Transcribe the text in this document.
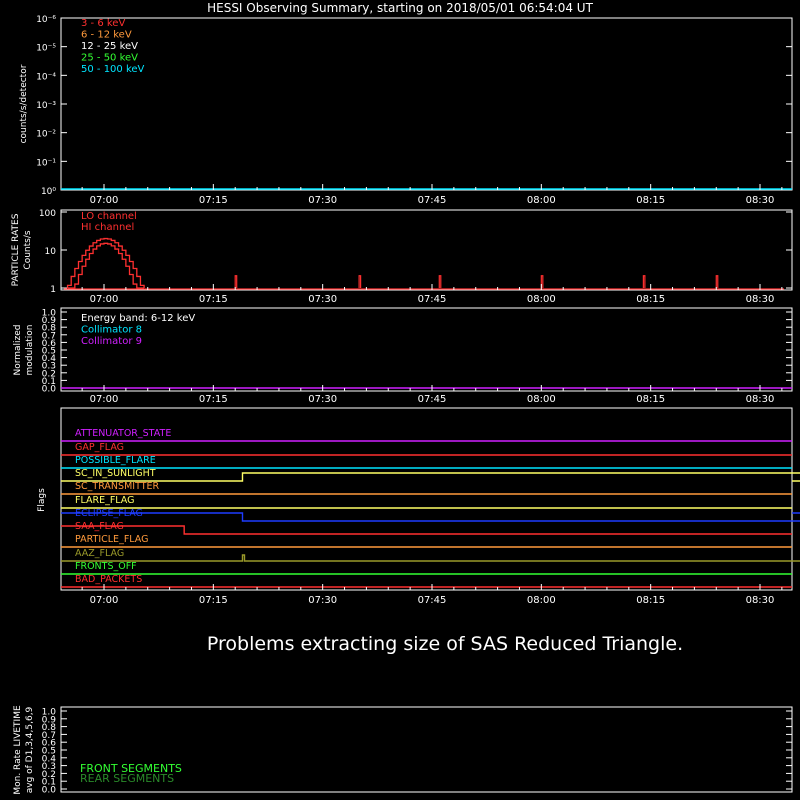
HESSI Observing Summary, starting on 2018/05/01 06:54:04 UT
10⁰
10⁻¹
10⁻²
10⁻³
10⁻⁴
10⁻⁵
10⁻⁶
counts/s/detector
3 - 6 keV
6 - 12 keV
12 - 25 keV
25 - 50 keV
50 - 100 keV
07:00	07:15	07:30	07:45	08:00	08:15	08:30
1
10
100
PARTICLE RATES Counts/s
LO channel
HI channel
07:00	07:15	07:30	07:45	08:00	08:15	08:30
0.0
0.1
0.2
0.3
0.4
0.5
0.6
0.7
0.8
0.9
1.0
Normalized modulation
Energy band: 6-12 keV
Collimator 8
Collimator 9
07:00	07:15	07:30	07:45	08:00	08:15	08:30
Flags
ATTENUATOR_STATE
GAP_FLAG
POSSIBLE_FLARE
SC_IN_SUNLIGHT
SC_TRANSMITTER
FLARE_FLAG
ECLIPSE_FLAG
SAA_FLAG
PARTICLE_FLAG
AAZ_FLAG
FRONTS_OFF
BAD_PACKETS
07:00	07:15	07:30	07:45	08:00	08:15	08:30
Problems extracting size of SAS Reduced Triangle.
0.0
0.1
0.2
0.3
0.4
0.5
0.6
0.7
0.8
0.9
1.0
Mon. Rate LIVETIME avg of D1,3,4,5,6,9	FRONT SEGMENTS
REAR SEGMENTS
